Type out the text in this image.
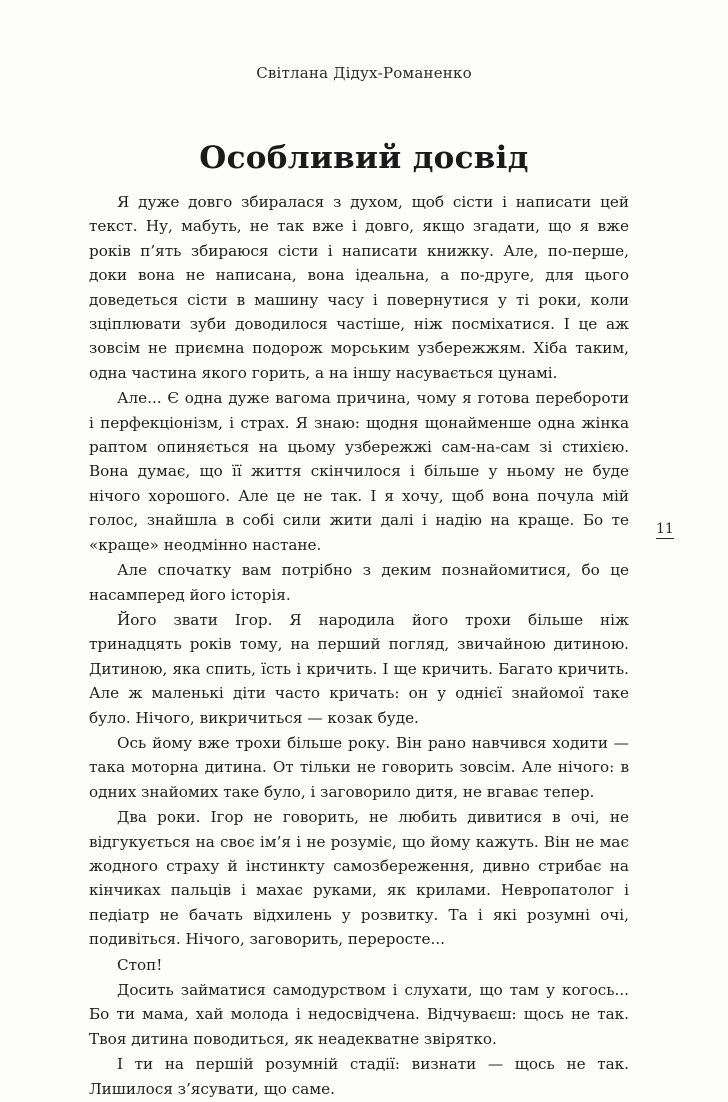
Світлана Дідух-Романенко
Особливий досвід

Я дуже довго збиралася з духом, щоб сісти і написати цей текст. Ну, мабуть, не так вже і довго, якщо згадати, що я вже років п’ять збираюся сісти і написати книжку. Але, по-перше, доки вона не написана, вона ідеальна, а по-друге, для цього доведеться сісти в машину часу і повернутися у ті роки, коли зціплювати зуби доводилося частіше, ніж посміхатися. І це аж зовсім не приємна подорож морським узбережжям. Хіба таким, одна частина якого горить, а на іншу насувається цунамі.

Але... Є одна дуже вагома причина, чому я готова перебороти і перфекціонізм, і страх. Я знаю: щодня щонайменше одна жінка раптом опиняється на цьому узбережжі сам-на-сам зі стихією. Вона думає, що її життя скінчилося і більше у ньому не буде нічого хорошого. Але це не так. І я хочу, щоб вона почула мій голос, знайшла в собі сили жити далі і надію на краще. Бо те «краще» неодмінно настане.

Але спочатку вам потрібно з деким познайомитися, бо це насамперед його історія.

Його звати Ігор. Я народила його трохи більше ніж тринадцять років тому, на перший погляд, звичайною дитиною. Дитиною, яка спить, їсть і кричить. І ще кричить. Багато кричить. Але ж маленькі діти часто кричать: он у однієї знайомої таке було. Нічого, викричиться — козак буде.

Ось йому вже трохи більше року. Він рано навчився ходити — така моторна дитина. От тільки не говорить зовсім. Але нічого: в одних знайомих таке було, і заговорило дитя, не вгаває тепер.

Два роки. Ігор не говорить, не любить дивитися в очі, не відгукується на своє ім’я і не розуміє, що йому кажуть. Він не має жодного страху й інстинкту самозбереження, дивно стрибає на кінчиках пальців і махає руками, як крилами. Невропатолог і педіатр не бачать відхилень у розвитку. Та і які розумні очі, подивіться. Нічого, заговорить, переросте...

Стоп!

Досить займатися самодурством і слухати, що там у когось... Бо ти мама, хай молода і недосвідчена. Відчуваєш: щось не так. Твоя дитина поводиться, як неадекватне звірятко.

І ти на першій розумній стадії: визнати — щось не так. Лишилося з’ясувати, що саме.

11
